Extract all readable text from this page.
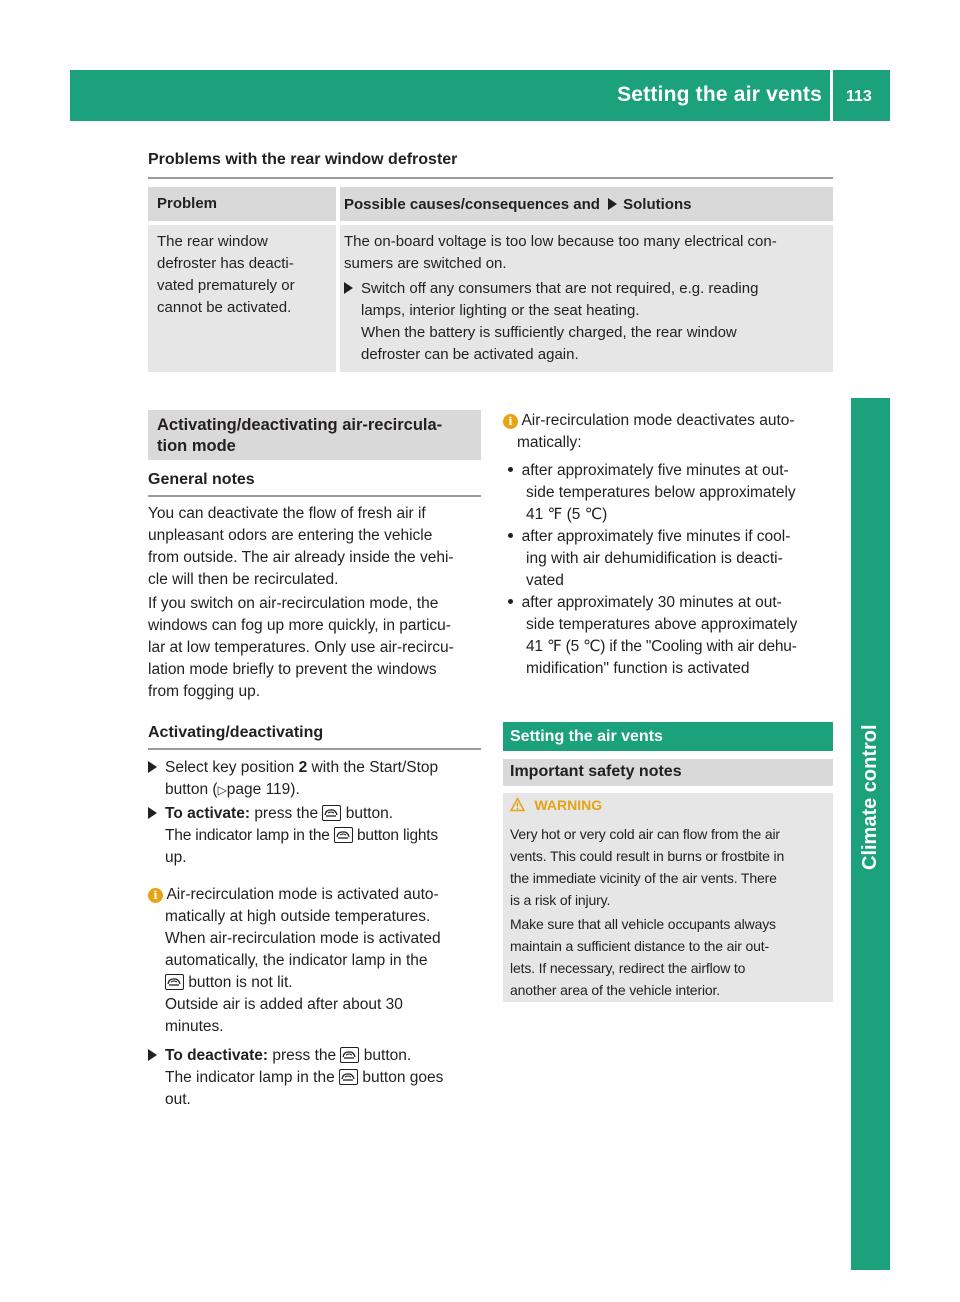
Setting the air vents 113
Climate control
Problems with the rear window defroster
Problem	Possible causes/consequences and Solutions
The rear window
defroster has deacti-
vated prematurely or
cannot be activated.
The on-board voltage is too low because too many electrical con-
sumers are switched on.
Switch off any consumers that are not required, e.g. reading
lamps, interior lighting or the seat heating.
When the battery is sufficiently charged, the rear window
defroster can be activated again.
Activating/deactivating air-recircula-
tion mode
General notes
You can deactivate the flow of fresh air if
unpleasant odors are entering the vehicle
from outside. The air already inside the vehi-
cle will then be recirculated.
If you switch on air-recirculation mode, the
windows can fog up more quickly, in particu-
lar at low temperatures. Only use air-recircu-
lation mode briefly to prevent the windows
from fogging up.
Activating/deactivating
Select key position 2 with the Start/Stop
button (▷page 119).
To activate: press the button.
The indicator lamp in the button lights
up.
i Air-recirculation mode is activated auto-
matically at high outside temperatures.
When air-recirculation mode is activated
automatically, the indicator lamp in the
button is not lit.
Outside air is added after about 30
minutes.
To deactivate: press the button.
The indicator lamp in the button goes
out.
i Air-recirculation mode deactivates auto-
matically:
after approximately five minutes at out-
side temperatures below approximately
41 ℉ (5 ℃)
after approximately five minutes if cool-
ing with air dehumidification is deacti-
vated
after approximately 30 minutes at out-
side temperatures above approximately
41 ℉ (5 ℃) if the "Cooling with air dehu-
midification" function is activated
Setting the air vents
Important safety notes
WARNING
Very hot or very cold air can flow from the air
vents. This could result in burns or frostbite in
the immediate vicinity of the air vents. There
is a risk of injury.
Make sure that all vehicle occupants always
maintain a sufficient distance to the air out-
lets. If necessary, redirect the airflow to
another area of the vehicle interior.
